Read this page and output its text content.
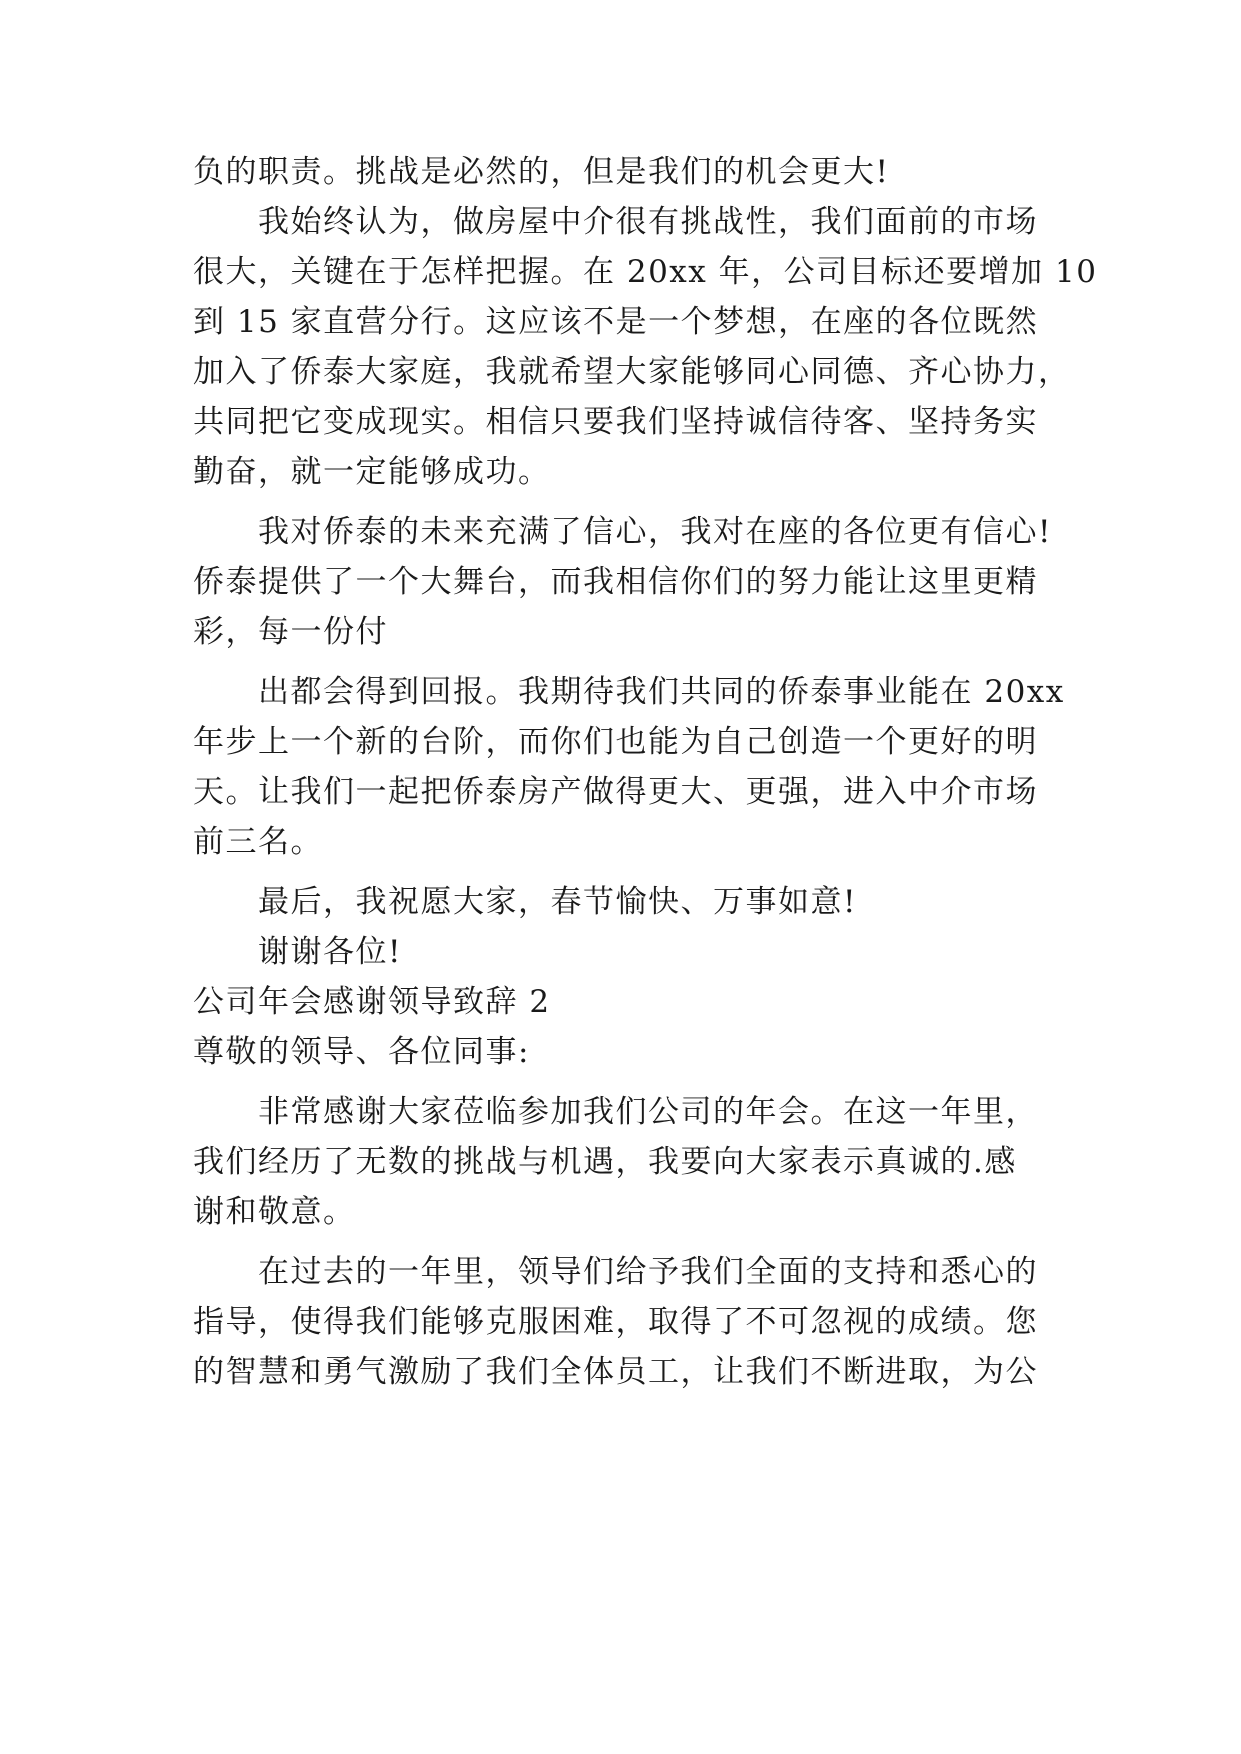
负的职责。挑战是必然的，但是我们的机会更大!
我始终认为，做房屋中介很有挑战性，我们面前的市场
很大，关键在于怎样把握。在 20xx 年，公司目标还要增加 10
到 15 家直营分行。这应该不是一个梦想，在座的各位既然
加入了侨泰大家庭，我就希望大家能够同心同德、齐心协力，
共同把它变成现实。相信只要我们坚持诚信待客、坚持务实
勤奋，就一定能够成功。
我对侨泰的未来充满了信心，我对在座的各位更有信心!
侨泰提供了一个大舞台，而我相信你们的努力能让这里更精
彩，每一份付
出都会得到回报。我期待我们共同的侨泰事业能在 20xx
年步上一个新的台阶，而你们也能为自己创造一个更好的明
天。让我们一起把侨泰房产做得更大、更强，进入中介市场
前三名。
最后，我祝愿大家，春节愉快、万事如意!
谢谢各位!
公司年会感谢领导致辞 2
尊敬的领导、各位同事:
非常感谢大家莅临参加我们公司的年会。在这一年里，
我们经历了无数的挑战与机遇，我要向大家表示真诚的.感
谢和敬意。
在过去的一年里，领导们给予我们全面的支持和悉心的
指导，使得我们能够克服困难，取得了不可忽视的成绩。您
的智慧和勇气激励了我们全体员工，让我们不断进取，为公
